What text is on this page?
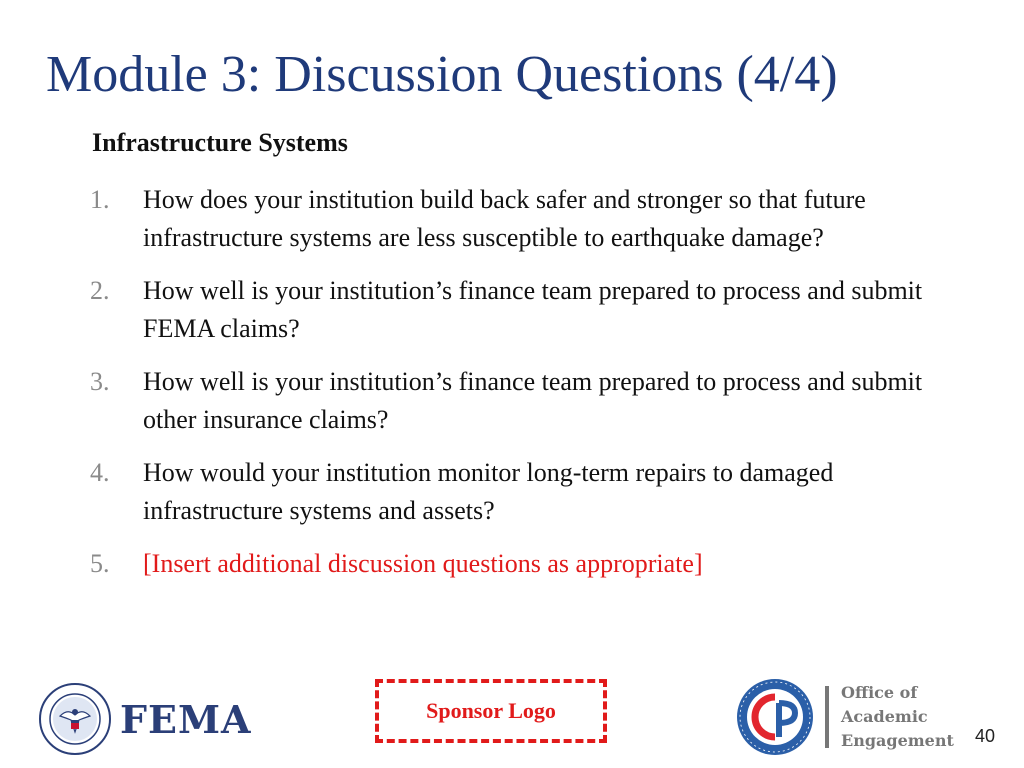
Module 3: Discussion Questions (4/4)
Infrastructure Systems
1.	How does your institution build back safer and stronger so that future infrastructure systems are less susceptible to earthquake damage?
2.	How well is your institution’s finance team prepared to process and submit FEMA claims?
3.	How well is your institution’s finance team prepared to process and submit other insurance claims?
4.	How would your institution monitor long-term repairs to damaged infrastructure systems and assets?
5.	[Insert additional discussion questions as appropriate]
FEMA	Sponsor Logo
Office of
Academic
Engagement 40
